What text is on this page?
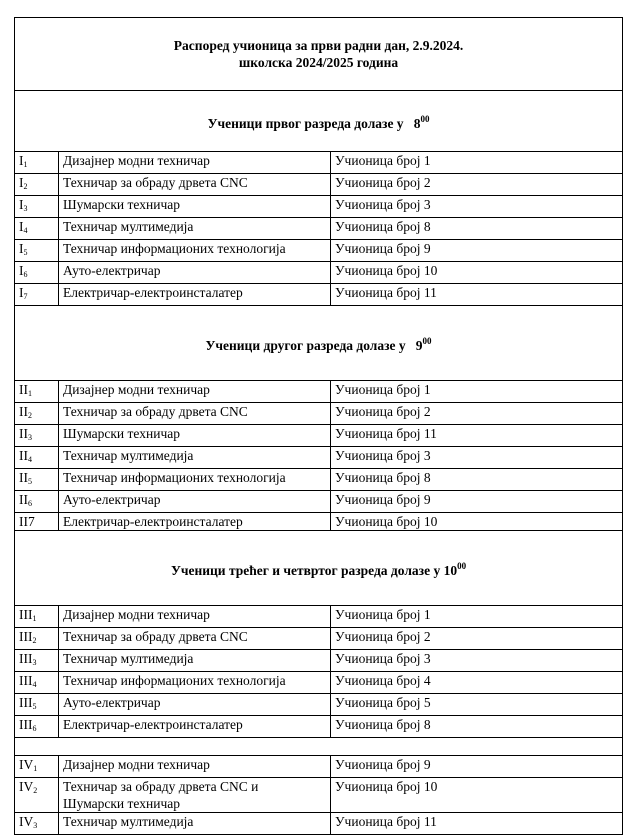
Распоред учионица за први радни дан, 2.9.2024.
школска 2024/2025 година		

Ученици првог разреда долазе у $8^{00}$
$I_1$	Дизајнер модни техничар	Учионица број 1
$I_2$	Техничар за обраду дрвета CNC	Учионица број 2
$I_3$	Шумарски техничар	Учионица број 3
$I_4$	Техничар мултимедија	Учионица број 8
$I_5$	Техничар информационих технологија	Учионица број 9
$I_6$	Ауто-електричар	Учионица број 10
$I_7$	Електричар-електроинсталатер	Учионица број 11
Ученици другог разреда долазе у $9^{00}$
$II_1$	Дизајнер модни техничар	Учионица број 1
$II_2$	Техничар за обраду дрвета CNC	Учионица број 2
$II_3$	Шумарски техничар	Учионица број 11
$II_4$	Техничар мултимедија	Учионица број 3
$II_5$	Техничар информационих технологија	Учионица број 8
$II_6$	Ауто-електричар	Учионица број 9
II7	Електричар-електроинсталатер	Учионица број 10
Ученици трећег и четвртог разреда долазе у $10^{00}$
$III_1$	Дизајнер модни техничар	Учионица број 1
$III_2$	Техничар за обраду дрвета CNC	Учионица број 2
$III_3$	Техничар мултимедија	Учионица број 3
$III_4$	Техничар информационих технологија	Учионица број 4
$III_5$	Ауто-електричар	Учионица број 5
$III_6$	Електричар-електроинсталатер	Учионица број 8

$IV_1$	Дизајнер модни техничар	Учионица број 9
$IV_2$	Техничар за обраду дрвета CNC и
Шумарски техничар	Учионица број 10
$IV_3$	Техничар мултимедија	Учионица број 11
